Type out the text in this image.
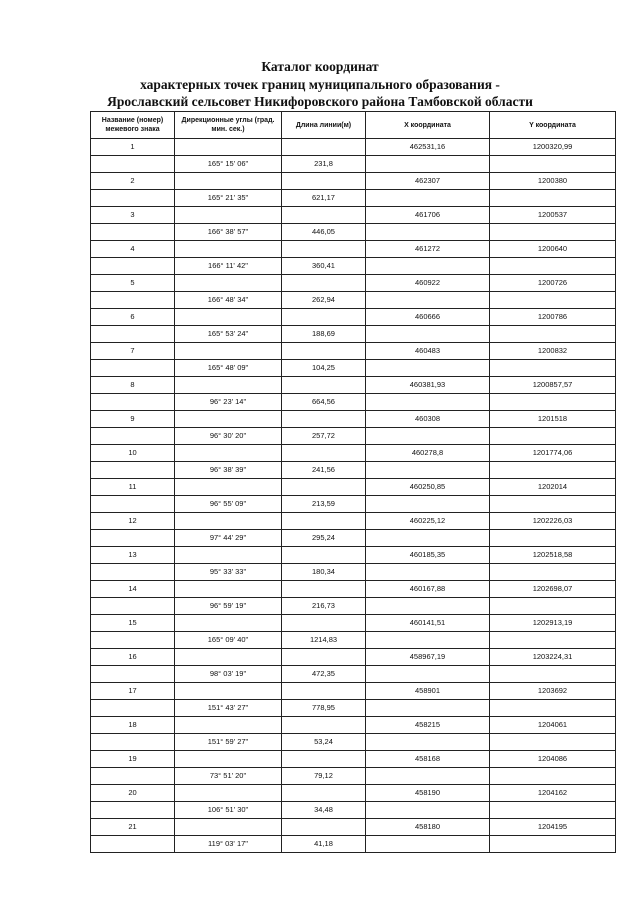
Каталог координат
характерных точек границ муниципального образования -
Ярославский сельсовет Никифоровского района Тамбовской области
Название (номер) межевого знака	Дирекционные углы (град. мин. сек.)	Длина линии(м)	X координата	Y координата
1			462531,16	1200320,99
	165° 15' 06"	231,8		
2			462307	1200380
	165° 21' 35"	621,17		
3			461706	1200537
	166° 38' 57"	446,05		
4			461272	1200640
	166° 11' 42"	360,41		
5			460922	1200726
	166° 48' 34"	262,94		
6			460666	1200786
	165° 53' 24"	188,69		
7			460483	1200832
	165° 48' 09"	104,25		
8			460381,93	1200857,57
	96° 23' 14"	664,56		
9			460308	1201518
	96° 30' 20"	257,72		
10			460278,8	1201774,06
	96° 38' 39"	241,56		
11			460250,85	1202014
	96° 55' 09"	213,59		
12			460225,12	1202226,03
	97° 44' 29"	295,24		
13			460185,35	1202518,58
	95° 33' 33"	180,34		
14			460167,88	1202698,07
	96° 59' 19"	216,73		
15			460141,51	1202913,19
	165° 09' 40"	1214,83		
16			458967,19	1203224,31
	98° 03' 19"	472,35		
17			458901	1203692
	151° 43' 27"	778,95		
18			458215	1204061
	151° 59' 27"	53,24		
19			458168	1204086
	73° 51' 20"	79,12		
20			458190	1204162
	106° 51' 30"	34,48		
21			458180	1204195
	119° 03' 17"	41,18		
